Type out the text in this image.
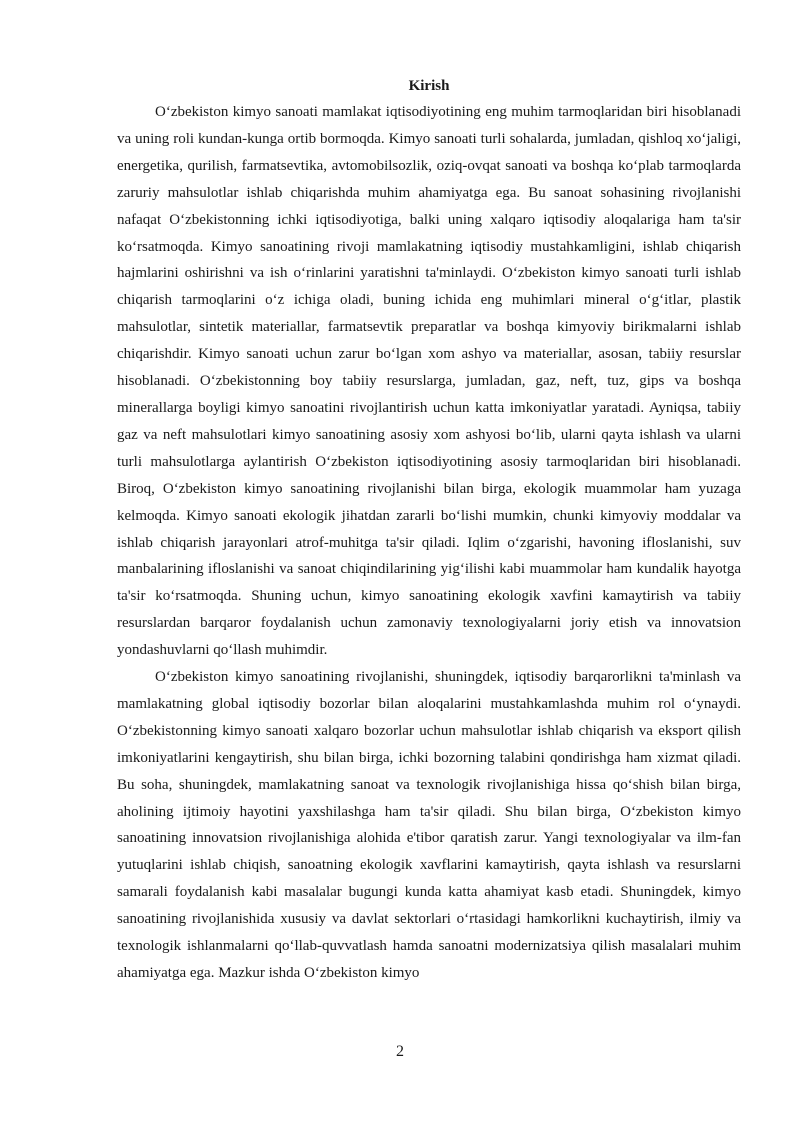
Kirish

O‘zbekiston kimyo sanoati mamlakat iqtisodiyotining eng muhim tarmoqlaridan biri hisoblanadi va uning roli kundan-kunga ortib bormoqda. Kimyo sanoati turli sohalarda, jumladan, qishloq xo‘jaligi, energetika, qurilish, farmatsevtika, avtomobilsozlik, oziq-ovqat sanoati va boshqa ko‘plab tarmoqlarda zaruriy mahsulotlar ishlab chiqarishda muhim ahamiyatga ega. Bu sanoat sohasining rivojlanishi nafaqat O‘zbekistonning ichki iqtisodiyotiga, balki uning xalqaro iqtisodiy aloqalariga ham ta'sir ko‘rsatmoqda. Kimyo sanoatining rivoji mamlakatning iqtisodiy mustahkamligini, ishlab chiqarish hajmlarini oshirishni va ish o‘rinlarini yaratishni ta'minlaydi. O‘zbekiston kimyo sanoati turli ishlab chiqarish tarmoqlarini o‘z ichiga oladi, buning ichida eng muhimlari mineral o‘g‘itlar, plastik mahsulotlar, sintetik materiallar, farmatsevtik preparatlar va boshqa kimyoviy birikmalarni ishlab chiqarishdir. Kimyo sanoati uchun zarur bo‘lgan xom ashyo va materiallar, asosan, tabiiy resurslar hisoblanadi. O‘zbekistonning boy tabiiy resurslarga, jumladan, gaz, neft, tuz, gips va boshqa minerallarga boyligi kimyo sanoatini rivojlantirish uchun katta imkoniyatlar yaratadi. Ayniqsa, tabiiy gaz va neft mahsulotlari kimyo sanoatining asosiy xom ashyosi bo‘lib, ularni qayta ishlash va ularni turli mahsulotlarga aylantirish O‘zbekiston iqtisodiyotining asosiy tarmoqlaridan biri hisoblanadi. Biroq, O‘zbekiston kimyo sanoatining rivojlanishi bilan birga, ekologik muammolar ham yuzaga kelmoqda. Kimyo sanoati ekologik jihatdan zararli bo‘lishi mumkin, chunki kimyoviy moddalar va ishlab chiqarish jarayonlari atrof-muhitga ta'sir qiladi. Iqlim o‘zgarishi, havoning ifloslanishi, suv manbalarining ifloslanishi va sanoat chiqindilarining yig‘ilishi kabi muammolar ham kundalik hayotga ta'sir ko‘rsatmoqda. Shuning uchun, kimyo sanoatining ekologik xavfini kamaytirish va tabiiy resurslardan barqaror foydalanish uchun zamonaviy texnologiyalarni joriy etish va innovatsion yondashuvlarni qo‘llash muhimdir.

O‘zbekiston kimyo sanoatining rivojlanishi, shuningdek, iqtisodiy barqarorlikni ta'minlash va mamlakatning global iqtisodiy bozorlar bilan aloqalarini mustahkamlashda muhim rol o‘ynaydi. O‘zbekistonning kimyo sanoati xalqaro bozorlar uchun mahsulotlar ishlab chiqarish va eksport qilish imkoniyatlarini kengaytirish, shu bilan birga, ichki bozorning talabini qondirishga ham xizmat qiladi. Bu soha, shuningdek, mamlakatning sanoat va texnologik rivojlanishiga hissa qo‘shish bilan birga, aholining ijtimoiy hayotini yaxshilashga ham ta'sir qiladi. Shu bilan birga, O‘zbekiston kimyo sanoatining innovatsion rivojlanishiga alohida e'tibor qaratish zarur. Yangi texnologiyalar va ilm-fan yutuqlarini ishlab chiqish, sanoatning ekologik xavflarini kamaytirish, qayta ishlash va resurslarni samarali foydalanish kabi masalalar bugungi kunda katta ahamiyat kasb etadi. Shuningdek, kimyo sanoatining rivojlanishida xususiy va davlat sektorlari o‘rtasidagi hamkorlikni kuchaytirish, ilmiy va texnologik ishlanmalarni qo‘llab-quvvatlash hamda sanoatni modernizatsiya qilish masalalari muhim ahamiyatga ega. Mazkur ishda O‘zbekiston kimyo

2
